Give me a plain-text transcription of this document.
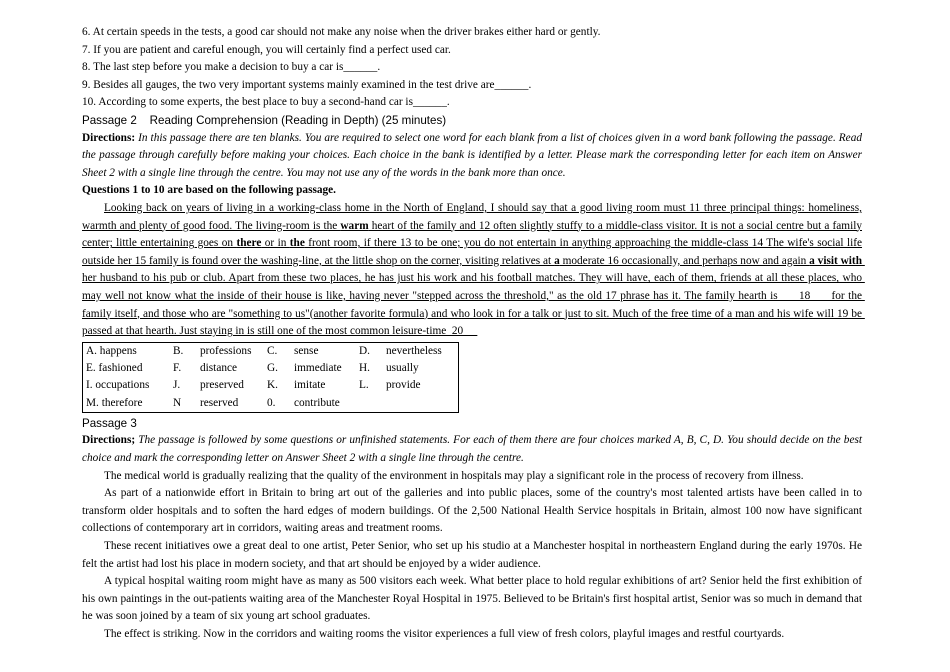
6. At certain speeds in the tests, a good car should not make any noise when the driver brakes either hard or gently.
7. If you are patient and careful enough, you will certainly find a perfect used car.
8. The last step before you make a decision to buy a car is______.
9. Besides all gauges, the two very important systems mainly examined in the test drive are______.
10. According to some experts, the best place to buy a second-hand car is______.
Passage 2    Reading Comprehension (Reading in Depth) (25 minutes)
Directions: In this passage there are ten blanks. You are required to select one word for each blank from a list of choices given in a word bank following the passage. Read the passage through carefully before making your choices. Each choice in the bank is identified by a letter. Please mark the corresponding letter for each item on Answer Sheet 2 with a single line through the centre. You may not use any of the words in the bank more than once.
Questions 1 to 10 are based on the following passage.
Looking back on years of living in a working-class home in the North of England, I should say that a good living room must 11 three principal things: homeliness, warmth and plenty of good food. The living-room is the warm heart of the family and 12 often slightly stuffy to a middle-class visitor. It is not a social centre but a family center; little entertaining goes on there or in the front room, if there 13 to be one; you do not entertain in anything approaching the middle-class 14 The wife's social life outside her 15 family is found over the washing-line, at the little shop on the corner, visiting relatives at a moderate 16 occasionally, and perhaps now and again a visit with her husband to his pub or club. Apart from these two places, he has just his work and his football matches. They will have, each of them, friends at all these places, who may well not know what the inside of their house is like, having never "stepped across the threshold," as the old 17 phrase has it. The family hearth is      18      for the family itself, and those who are "something to us"(another favorite formula) and who look in for a talk or just to sit. Much of the free time of a man and his wife will 19 be passed at that hearth. Just staying in is still one of the most common leisure-time  20
A. happens	B.	professions	C.	sense	D.	nevertheless
E. fashioned	F.	distance	G.	immediate	H.	usually
I. occupations	J.	preserved	K.	imitate	L.	provide
M. therefore	N	reserved	0.	contribute		
Passage 3
Directions; The passage is followed by some questions or unfinished statements. For each of them there are four choices marked A, B, C, D. You should decide on the best choice and mark the corresponding letter on Answer Sheet 2 with a single line through the centre.
The medical world is gradually realizing that the quality of the environment in hospitals may play a significant role in the process of recovery from illness.
As part of a nationwide effort in Britain to bring art out of the galleries and into public places, some of the country's most talented artists have been called in to transform older hospitals and to soften the hard edges of modern buildings. Of the 2,500 National Health Service hospitals in Britain, almost 100 now have significant collections of contemporary art in corridors, waiting areas and treatment rooms.
These recent initiatives owe a great deal to one artist, Peter Senior, who set up his studio at a Manchester hospital in northeastern England during the early 1970s. He felt the artist had lost his place in modern society, and that art should be enjoyed by a wider audience.
A typical hospital waiting room might have as many as 500 visitors each week. What better place to hold regular exhibitions of art? Senior held the first exhibition of his own paintings in the out-patients waiting area of the Manchester Royal Hospital in 1975. Believed to be Britain's first hospital artist, Senior was so much in demand that he was soon joined by a team of six young art school graduates.
The effect is striking. Now in the corridors and waiting rooms the visitor experiences a full view of fresh colors, playful images and restful courtyards.
